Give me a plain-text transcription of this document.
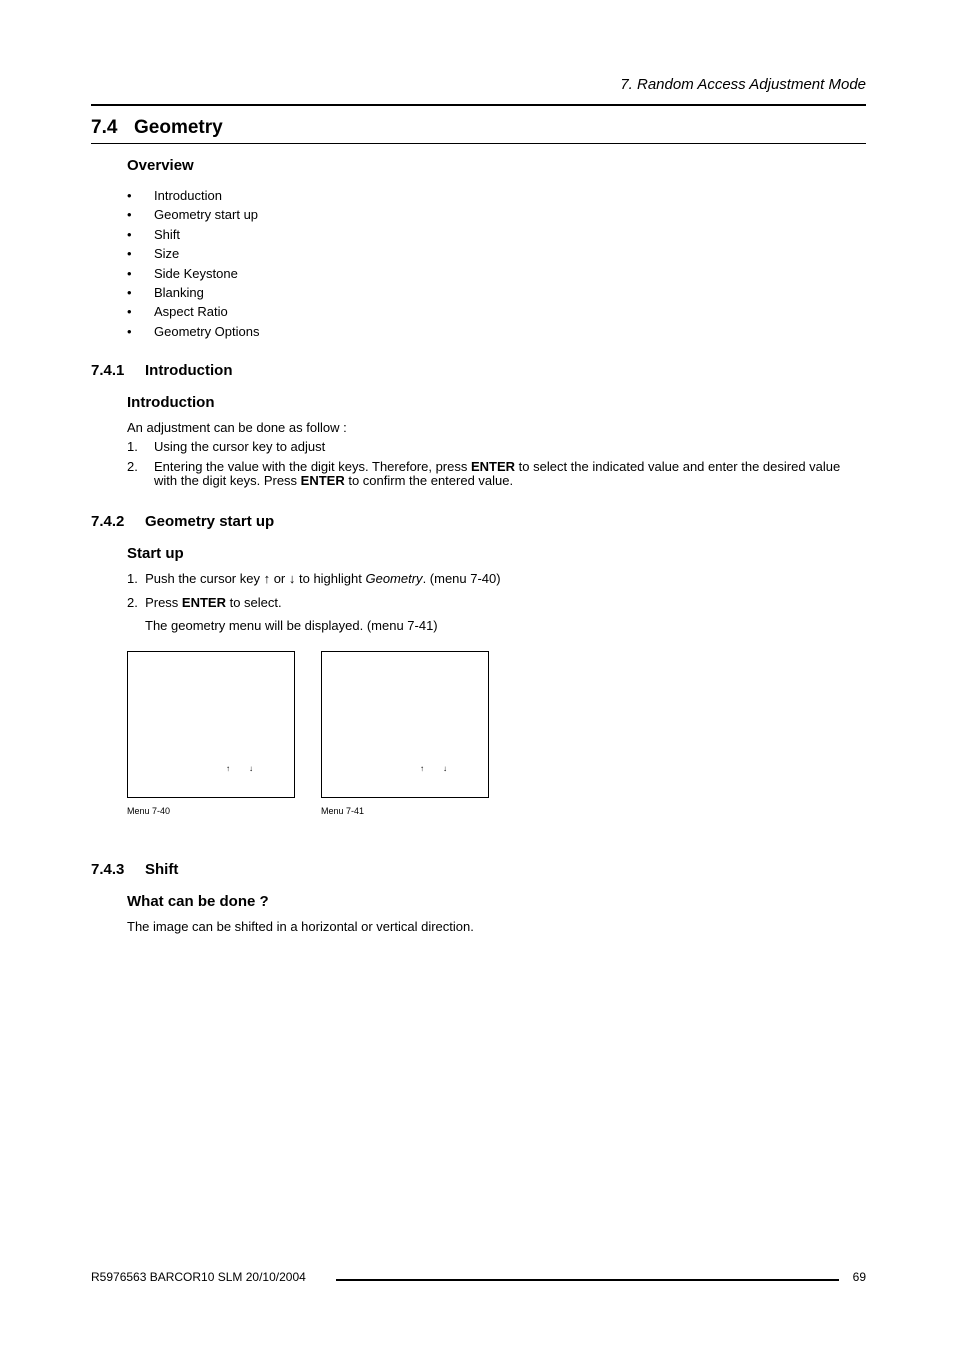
7. Random Access Adjustment Mode
7.4 Geometry
Overview
• Introduction
• Geometry start up
• Shift
• Size
• Side Keystone
• Blanking
• Aspect Ratio
• Geometry Options
7.4.1 Introduction
Introduction
An adjustment can be done as follow :
1. Using the cursor key to adjust
2. Entering the value with the digit keys. Therefore, press ENTER to select the indicated value and enter the desired value with the digit keys. Press ENTER to confirm the entered value.
7.4.2 Geometry start up
Start up
1. Push the cursor key ↑ or ↓ to highlight Geometry. (menu 7-40)
2. Press ENTER to select.
The geometry menu will be displayed. (menu 7-41)
↑ ↓
Menu 7-40
↑ ↓
Menu 7-41
7.4.3 Shift
What can be done ?
The image can be shifted in a horizontal or vertical direction.
R5976563 BARCOR10 SLM 20/10/2004	69
